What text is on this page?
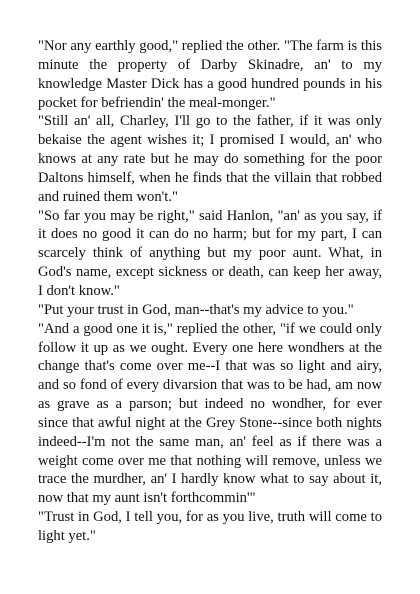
"Nor any earthly good," replied the other. "The farm is this minute the property of Darby Skinadre, an' to my knowledge Master Dick has a good hundred pounds in his pocket for befriendin' the meal-monger."

"Still an' all, Charley, I'll go to the father, if it was only bekaise the agent wishes it; I promised I would, an' who knows at any rate but he may do something for the poor Daltons himself, when he finds that the villain that robbed and ruined them won't."

"So far you may be right," said Hanlon, "an' as you say, if it does no good it can do no harm; but for my part, I can scarcely think of anything but my poor aunt. What, in God's name, except sickness or death, can keep her away, I don't know."

"Put your trust in God, man--that's my advice to you."

"And a good one it is," replied the other, "if we could only follow it up as we ought. Every one here wondhers at the change that's come over me--I that was so light and airy, and so fond of every divarsion that was to be had, am now as grave as a parson; but indeed no wondher, for ever since that awful night at the Grey Stone--since both nights indeed--I'm not the same man, an' feel as if there was a weight come over me that nothing will remove, unless we trace the murdher, an' I hardly know what to say about it, now that my aunt isn't forthcommin'"

"Trust in God, I tell you, for as you live, truth will come to light yet."
